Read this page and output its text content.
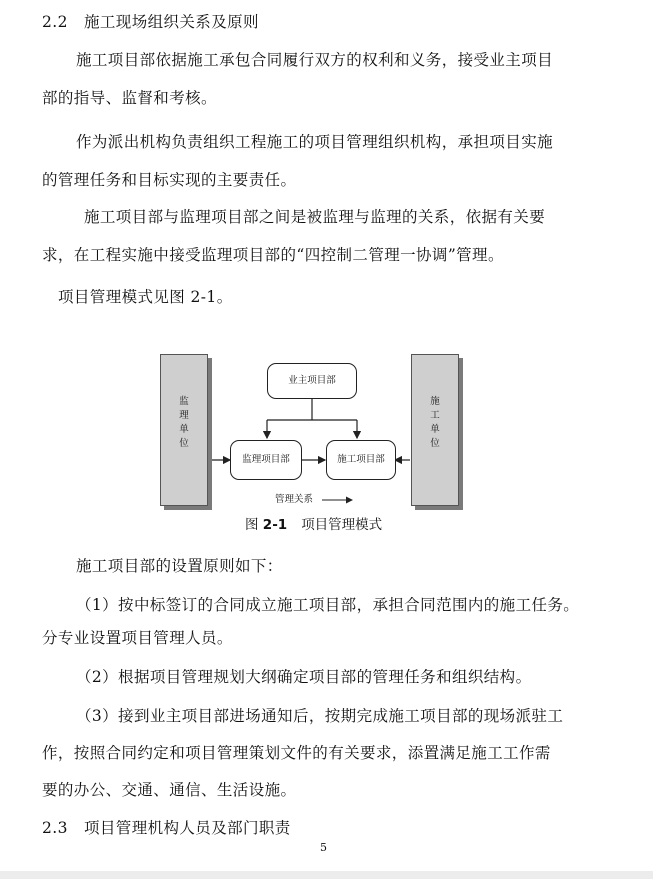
2.2 施工现场组织关系及原则
施工项目部依据施工承包合同履行双方的权利和义务，接受业主项目
部的指导、监督和考核。
作为派出机构负责组织工程施工的项目管理组织机构，承担项目实施
的管理任务和目标实现的主要责任。
施工项目部与监理项目部之间是被监理与监理的关系，依据有关要
求，在工程实施中接受监理项目部的“四控制二管理一协调”管理。
项目管理模式见图 2-1。
监理单位
施工单位
业主项目部
监理项目部	施工项目部
管理关系
图 2-1 项目管理模式
施工项目部的设置原则如下：
（1）按中标签订的合同成立施工项目部，承担合同范围内的施工任务。
分专业设置项目管理人员。
（2）根据项目管理规划大纲确定项目部的管理任务和组织结构。
（3）接到业主项目部进场通知后，按期完成施工项目部的现场派驻工
作，按照合同约定和项目管理策划文件的有关要求，添置满足施工工作需
要的办公、交通、通信、生活设施。
2.3 项目管理机构人员及部门职责
5
